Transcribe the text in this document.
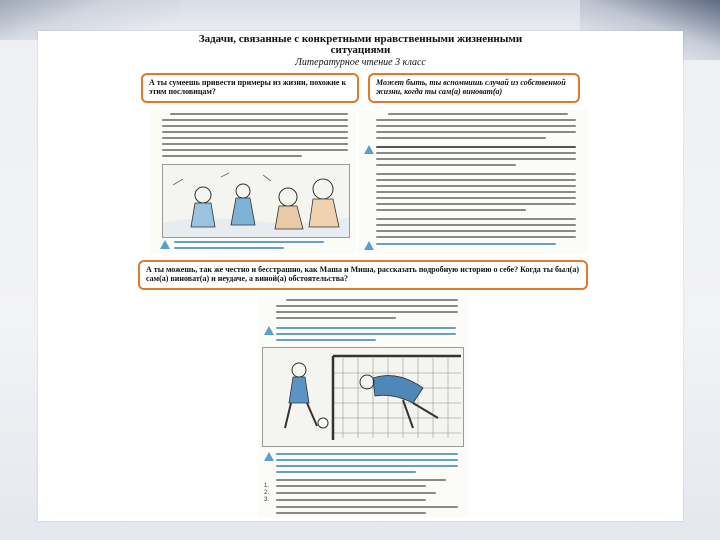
Задачи, связанные с конкретными нравственными жизненными
ситуациями
Литературное чтение 3 класс
А ты сумеешь привести примеры из жизни, похожие к этим пословицам?
Может быть, ты вспомнишь случай из собственной жизни, когда ты сам(а) виноват(а)
А ты можешь, так же честно и бесстрашно, как Маша и Миша, рассказать подробную историю о себе? Когда ты был(а) сам(а) виноват(а) и неудаче, а виной(а) обстоятельства?
1.
2.
3.
